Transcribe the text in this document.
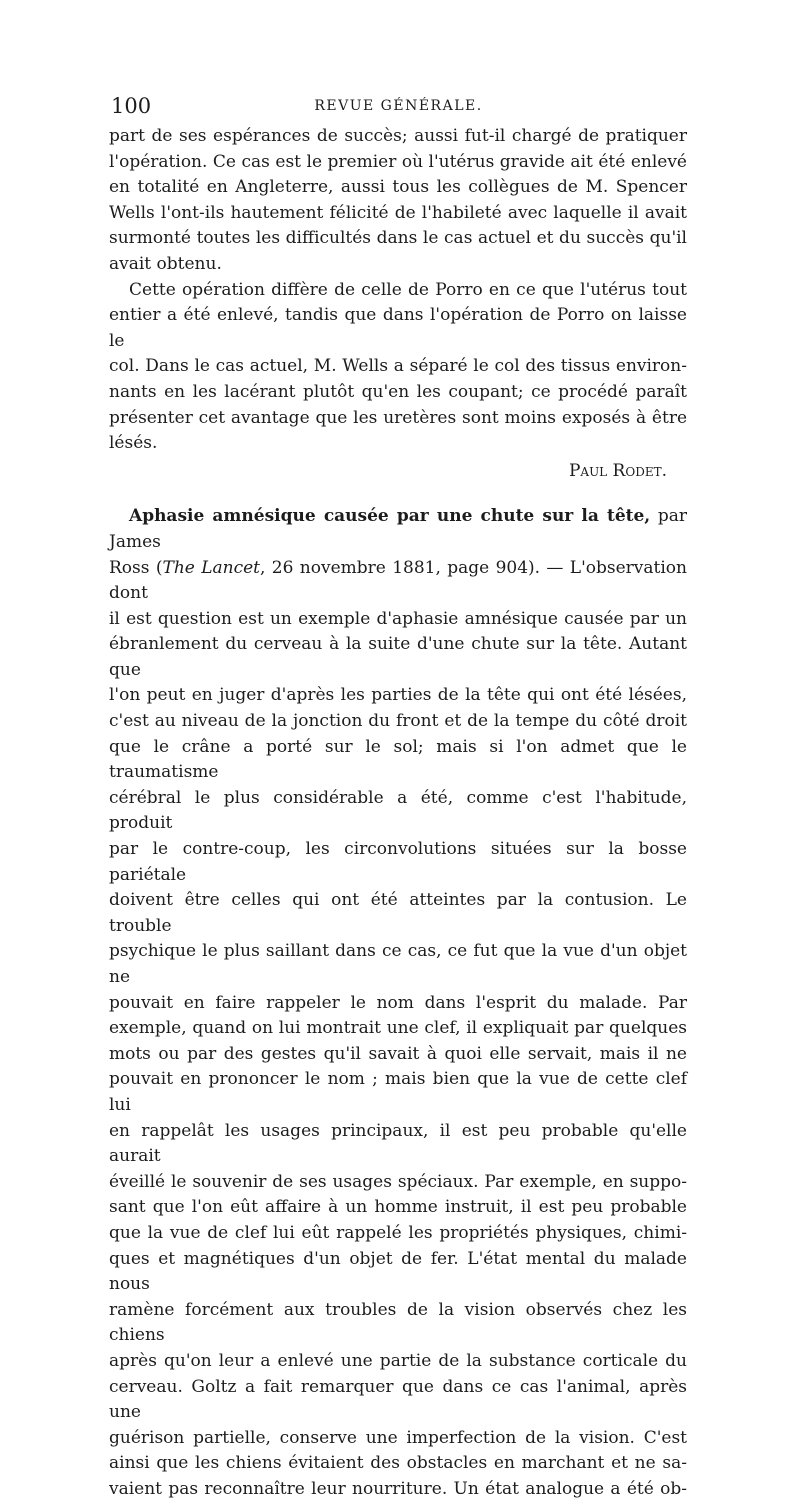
100	REVUE GÉNÉRALE.

part de ses espérances de succès; aussi fut-il chargé de pratiquer

l'opération. Ce cas est le premier où l'utérus gravide ait été enlevé

en totalité en Angleterre, aussi tous les collègues de M. Spencer

Wells l'ont-ils hautement félicité de l'habileté avec laquelle il avait

surmonté toutes les difficultés dans le cas actuel et du succès qu'il

avait obtenu.

Cette opération diffère de celle de Porro en ce que l'utérus tout

entier a été enlevé, tandis que dans l'opération de Porro on laisse le

col. Dans le cas actuel, M. Wells a séparé le col des tissus environ-

nants en les lacérant plutôt qu'en les coupant; ce procédé paraît

présenter cet avantage que les uretères sont moins exposés à être

lésés.

Paul Rodet.

Aphasie amnésique causée par une chute sur la tête, par James

Ross (The Lancet, 26 novembre 1881, page 904). — L'observation dont

il est question est un exemple d'aphasie amnésique causée par un

ébranlement du cerveau à la suite d'une chute sur la tête. Autant que

l'on peut en juger d'après les parties de la tête qui ont été lésées,

c'est au niveau de la jonction du front et de la tempe du côté droit

que le crâne a porté sur le sol; mais si l'on admet que le traumatisme

cérébral le plus considérable a été, comme c'est l'habitude, produit

par le contre-coup, les circonvolutions situées sur la bosse pariétale

doivent être celles qui ont été atteintes par la contusion. Le trouble

psychique le plus saillant dans ce cas, ce fut que la vue d'un objet ne

pouvait en faire rappeler le nom dans l'esprit du malade. Par

exemple, quand on lui montrait une clef, il expliquait par quelques

mots ou par des gestes qu'il savait à quoi elle servait, mais il ne

pouvait en prononcer le nom ; mais bien que la vue de cette clef lui

en rappelât les usages principaux, il est peu probable qu'elle aurait

éveillé le souvenir de ses usages spéciaux. Par exemple, en suppo-

sant que l'on eût affaire à un homme instruit, il est peu probable

que la vue de clef lui eût rappelé les propriétés physiques, chimi-

ques et magnétiques d'un objet de fer. L'état mental du malade nous

ramène forcément aux troubles de la vision observés chez les chiens

après qu'on leur a enlevé une partie de la substance corticale du

cerveau. Goltz a fait remarquer que dans ce cas l'animal, après une

guérison partielle, conserve une imperfection de la vision. C'est

ainsi que les chiens évitaient des obstacles en marchant et ne sa-

vaient pas reconnaître leur nourriture. Un état analogue a été ob-
